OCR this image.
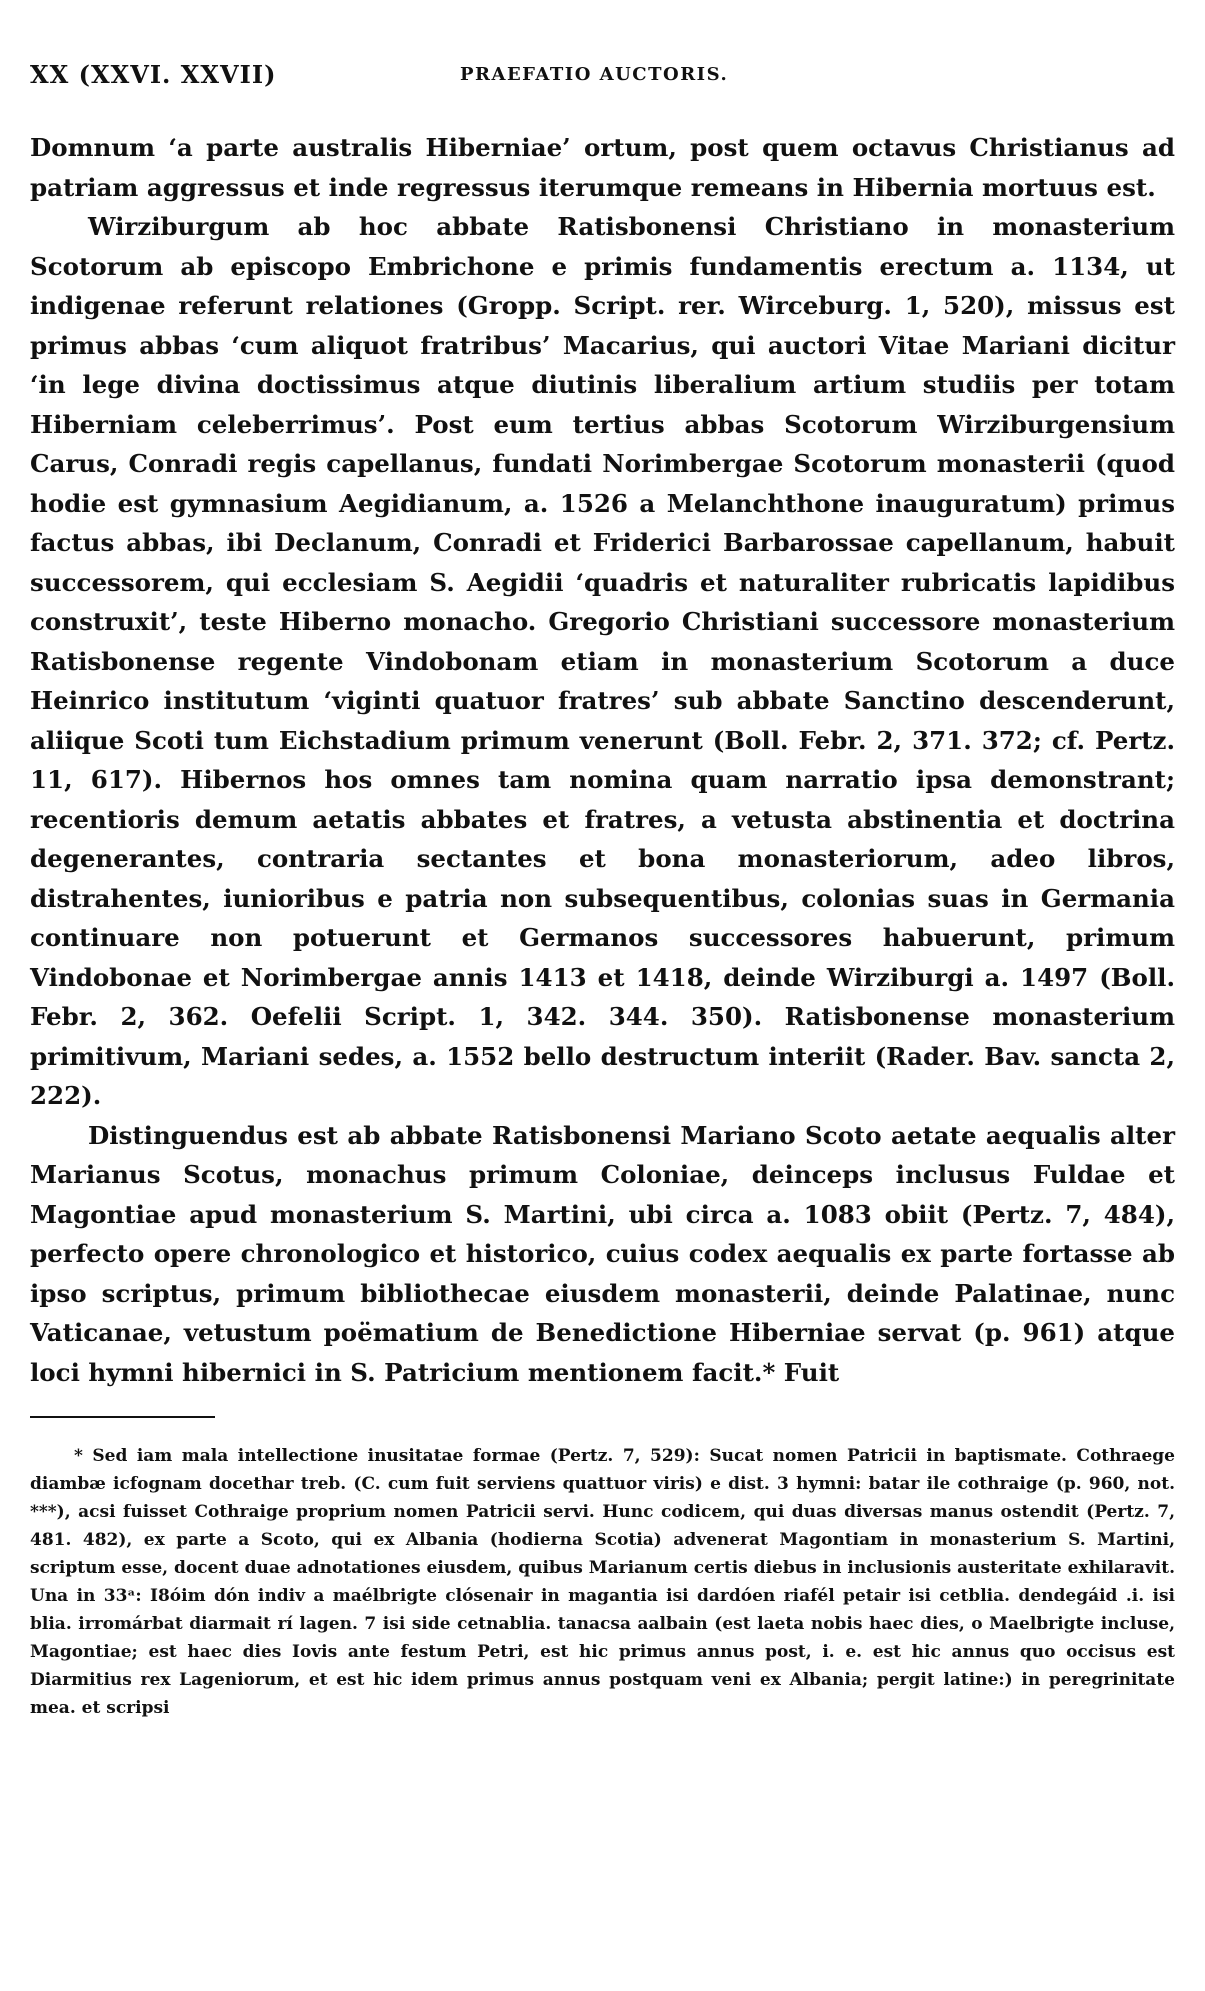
XX (XXVI. XXVII)	PRAEFATIO AUCTORIS.

Domnum ‘a parte australis Hiberniae’ ortum, post quem octavus Christianus ad patriam aggressus et inde regressus iterumque remeans in Hibernia mortuus est.

Wirziburgum ab hoc abbate Ratisbonensi Christiano in monasterium Scotorum ab episcopo Embrichone e primis fundamentis erectum a. 1134, ut indigenae referunt relationes (Gropp. Script. rer. Wirceburg. 1, 520), missus est primus abbas ‘cum aliquot fratribus’ Macarius, qui auctori Vitae Mariani dicitur ‘in lege divina doctissimus atque diutinis liberalium artium studiis per totam Hiberniam celeberrimus’. Post eum tertius abbas Scotorum Wirziburgensium Carus, Conradi regis capellanus, fundati Norimbergae Scotorum monasterii (quod hodie est gymnasium Aegidianum, a. 1526 a Melanchthone inauguratum) primus factus abbas, ibi Declanum, Conradi et Friderici Barbarossae capellanum, habuit successorem, qui ecclesiam S. Aegidii ‘quadris et naturaliter rubricatis lapidibus construxit’, teste Hiberno monacho. Gregorio Christiani successore monasterium Ratisbonense regente Vindobonam etiam in monasterium Scotorum a duce Heinrico institutum ‘viginti quatuor fratres’ sub abbate Sanctino descenderunt, aliique Scoti tum Eichstadium primum venerunt (Boll. Febr. 2, 371. 372; cf. Pertz. 11, 617). Hibernos hos omnes tam nomina quam narratio ipsa demonstrant; recentioris demum aetatis abbates et fratres, a vetusta abstinentia et doctrina degenerantes, contraria sectantes et bona monasteriorum, adeo libros, distrahentes, iunioribus e patria non subsequentibus, colonias suas in Germania continuare non potuerunt et Germanos successores habuerunt, primum Vindobonae et Norimbergae annis 1413 et 1418, deinde Wirziburgi a. 1497 (Boll. Febr. 2, 362. Oefelii Script. 1, 342. 344. 350). Ratisbonense monasterium primitivum, Mariani sedes, a. 1552 bello destructum interiit (Rader. Bav. sancta 2, 222).

Distinguendus est ab abbate Ratisbonensi Mariano Scoto aetate aequalis alter Marianus Scotus, monachus primum Coloniae, deinceps inclusus Fuldae et Magontiae apud monasterium S. Martini, ubi circa a. 1083 obiit (Pertz. 7, 484), perfecto opere chronologico et historico, cuius codex aequalis ex parte fortasse ab ipso scriptus, primum bibliothecae eiusdem monasterii, deinde Palatinae, nunc Vaticanae, vetustum poëmatium de Benedictione Hiberniae servat (p. 961) atque loci hymni hibernici in S. Patricium mentionem facit.* Fuit

* Sed iam mala intellectione inusitatae formae (Pertz. 7, 529): Sucat nomen Patricii in baptismate. Cothraege diambæ icfognam docethar treb. (C. cum fuit serviens quattuor viris) e dist. 3 hymni: batar ile cothraige (p. 960, not. ***), acsi fuisset Cothraige proprium nomen Patricii servi. Hunc codicem, qui duas diversas manus ostendit (Pertz. 7, 481. 482), ex parte a Scoto, qui ex Albania (hodierna Scotia) advenerat Magontiam in monasterium S. Martini, scriptum esse, docent duae adnotationes eiusdem, quibus Marianum certis diebus in inclusionis austeritate exhilaravit. Una in 33ᵃ: I8óim dón indiv a maélbrigte clósenair in magantia isi dardóen riafél petair isi cetblia. dendegáid .i. isi blia. irromárbat diarmait rí lagen. 7 isi side cetnablia. tanacsa aalbain (est laeta nobis haec dies, o Maelbrigte incluse, Magontiae; est haec dies Iovis ante festum Petri, est hic primus annus post, i. e. est hic annus quo occisus est Diarmitius rex Lageniorum, et est hic idem primus annus postquam veni ex Albania; pergit latine:) in peregrinitate mea. et scripsi
